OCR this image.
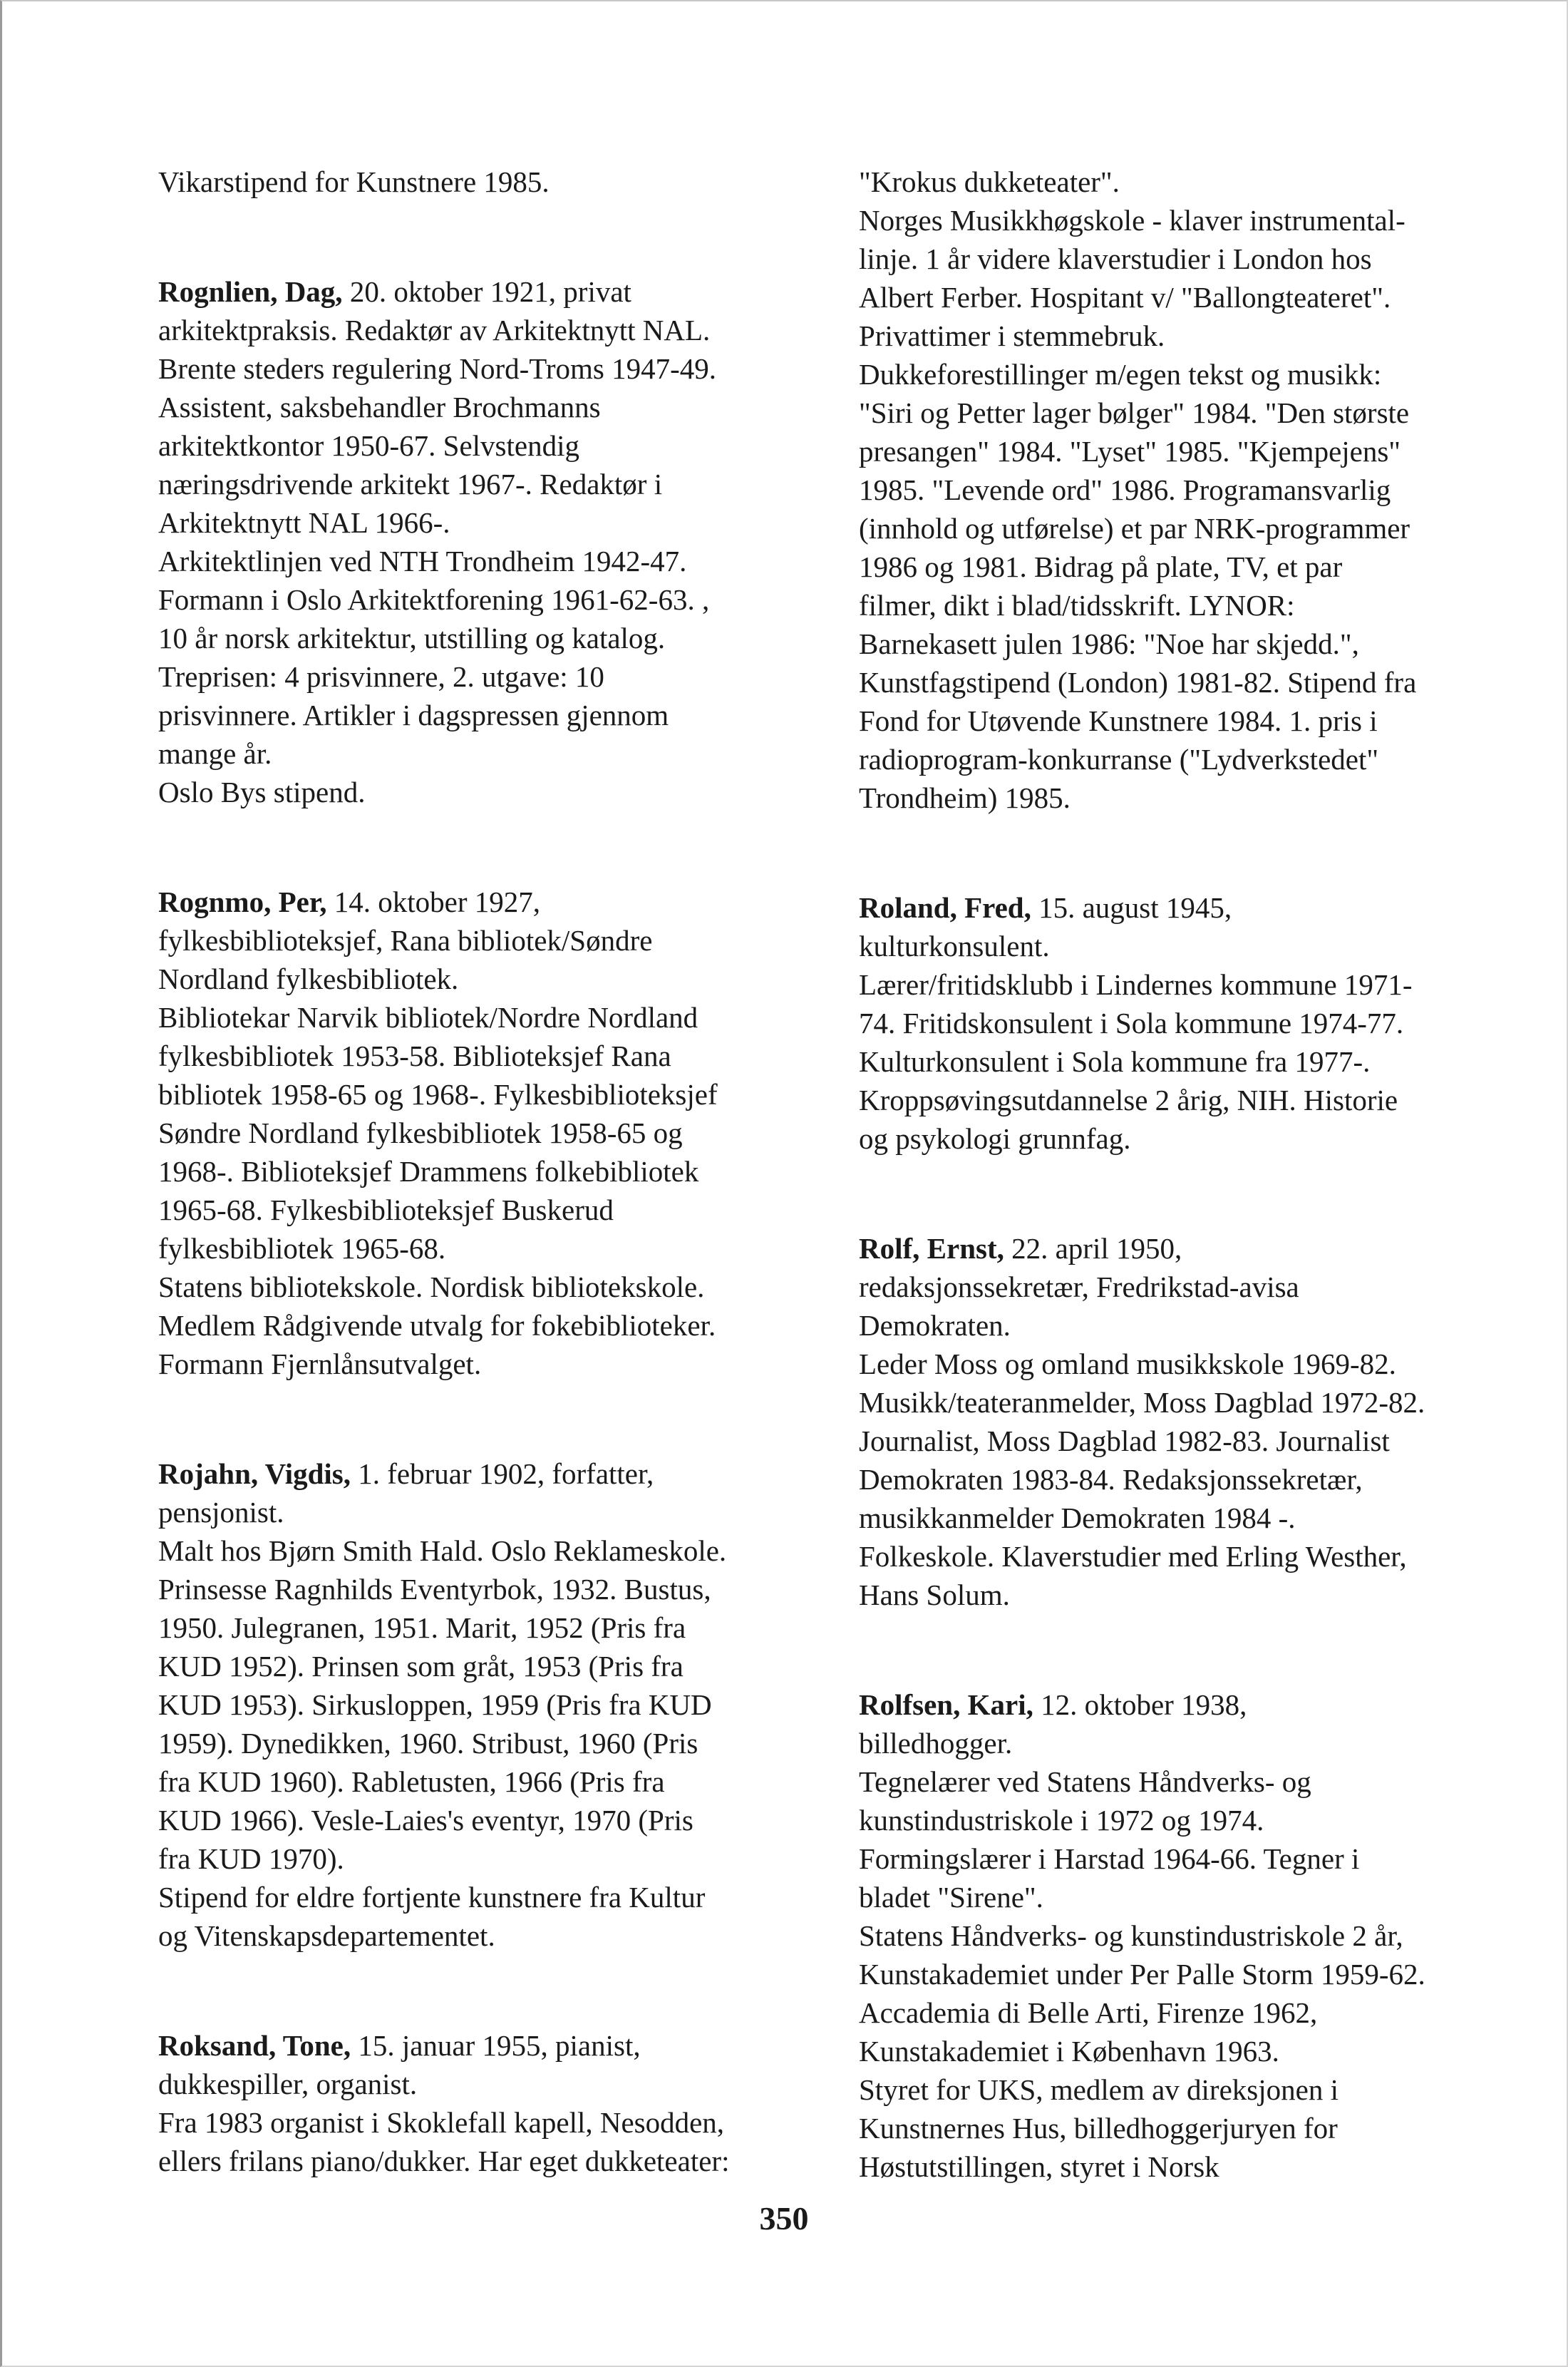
Vikarstipend for Kunstnere 1985.
Rognlien, Dag, 20. oktober 1921, privat
arkitektpraksis. Redaktør av Arkitektnytt NAL.
Brente steders regulering Nord-Troms 1947-49.
Assistent, saksbehandler Brochmanns
arkitektkontor 1950-67. Selvstendig
næringsdrivende arkitekt 1967-. Redaktør i
Arkitektnytt NAL 1966-.
Arkitektlinjen ved NTH Trondheim 1942-47.
Formann i Oslo Arkitektforening 1961-62-63. ,
10 år norsk arkitektur, utstilling og katalog.
Treprisen: 4 prisvinnere, 2. utgave: 10
prisvinnere. Artikler i dagspressen gjennom
mange år.
Oslo Bys stipend.
Rognmo, Per, 14. oktober 1927,
fylkesbiblioteksjef, Rana bibliotek/Søndre
Nordland fylkesbibliotek.
Bibliotekar Narvik bibliotek/Nordre Nordland
fylkesbibliotek 1953-58. Biblioteksjef Rana
bibliotek 1958-65 og 1968-. Fylkesbiblioteksjef
Søndre Nordland fylkesbibliotek 1958-65 og
1968-. Biblioteksjef Drammens folkebibliotek
1965-68. Fylkesbiblioteksjef Buskerud
fylkesbibliotek 1965-68.
Statens bibliotekskole. Nordisk bibliotekskole.
Medlem Rådgivende utvalg for fokebiblioteker.
Formann Fjernlånsutvalget.
Rojahn, Vigdis, 1. februar 1902, forfatter,
pensjonist.
Malt hos Bjørn Smith Hald. Oslo Reklameskole.
Prinsesse Ragnhilds Eventyrbok, 1932. Bustus,
1950. Julegranen, 1951. Marit, 1952 (Pris fra
KUD 1952). Prinsen som gråt, 1953 (Pris fra
KUD 1953). Sirkusloppen, 1959 (Pris fra KUD
1959). Dynedikken, 1960. Stribust, 1960 (Pris
fra KUD 1960). Rabletusten, 1966 (Pris fra
KUD 1966). Vesle-Laies's eventyr, 1970 (Pris
fra KUD 1970).
Stipend for eldre fortjente kunstnere fra Kultur
og Vitenskapsdepartementet.
Roksand, Tone, 15. januar 1955, pianist,
dukkespiller, organist.
Fra 1983 organist i Skoklefall kapell, Nesodden,
ellers frilans piano/dukker. Har eget dukketeater:
"Krokus dukketeater".
Norges Musikkhøgskole - klaver instrumental-
linje. 1 år videre klaverstudier i London hos
Albert Ferber. Hospitant v/ "Ballongteateret".
Privattimer i stemmebruk.
Dukkeforestillinger m/egen tekst og musikk:
"Siri og Petter lager bølger" 1984. "Den største
presangen" 1984. "Lyset" 1985. "Kjempejens"
1985. "Levende ord" 1986. Programansvarlig
(innhold og utførelse) et par NRK-programmer
1986 og 1981. Bidrag på plate, TV, et par
filmer, dikt i blad/tidsskrift. LYNOR:
Barnekasett julen 1986: "Noe har skjedd.",
Kunstfagstipend (London) 1981-82. Stipend fra
Fond for Utøvende Kunstnere 1984. 1. pris i
radioprogram-konkurranse ("Lydverkstedet"
Trondheim) 1985.
Roland, Fred, 15. august 1945,
kulturkonsulent.
Lærer/fritidsklubb i Lindernes kommune 1971-
74. Fritidskonsulent i Sola kommune 1974-77.
Kulturkonsulent i Sola kommune fra 1977-.
Kroppsøvingsutdannelse 2 årig, NIH. Historie
og psykologi grunnfag.
Rolf, Ernst, 22. april 1950,
redaksjonssekretær, Fredrikstad-avisa
Demokraten.
Leder Moss og omland musikkskole 1969-82.
Musikk/teateranmelder, Moss Dagblad 1972-82.
Journalist, Moss Dagblad 1982-83. Journalist
Demokraten 1983-84. Redaksjonssekretær,
musikkanmelder Demokraten 1984 -.
Folkeskole. Klaverstudier med Erling Westher,
Hans Solum.
Rolfsen, Kari, 12. oktober 1938,
billedhogger.
Tegnelærer ved Statens Håndverks- og
kunstindustriskole i 1972 og 1974.
Formingslærer i Harstad 1964-66. Tegner i
bladet "Sirene".
Statens Håndverks- og kunstindustriskole 2 år,
Kunstakademiet under Per Palle Storm 1959-62.
Accademia di Belle Arti, Firenze 1962,
Kunstakademiet i København 1963.
Styret for UKS, medlem av direksjonen i
Kunstnernes Hus, billedhoggerjuryen for
Høstutstillingen, styret i Norsk
350
